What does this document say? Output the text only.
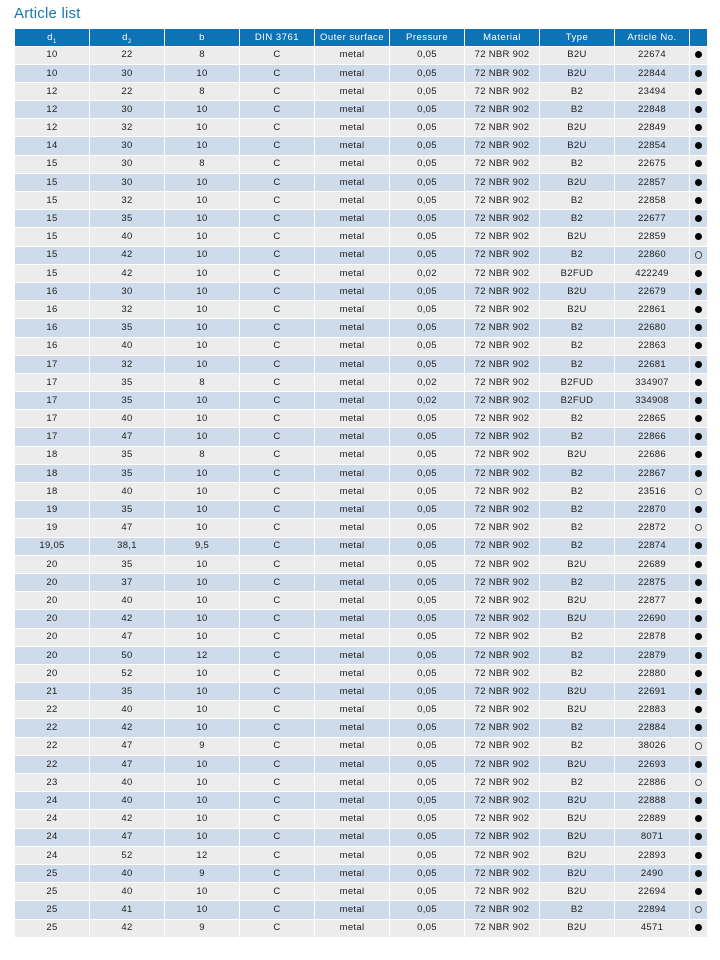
Article list
$d_1$	$d_2$	b	DIN 3761	Outer surface	Pressure	Material	Type	Article No.	
10	22	8	C	metal	0,05	72 NBR 902	B2U	22674	
10	30	10	C	metal	0,05	72 NBR 902	B2U	22844	
12	22	8	C	metal	0,05	72 NBR 902	B2	23494	
12	30	10	C	metal	0,05	72 NBR 902	B2	22848	
12	32	10	C	metal	0,05	72 NBR 902	B2U	22849	
14	30	10	C	metal	0,05	72 NBR 902	B2U	22854	
15	30	8	C	metal	0,05	72 NBR 902	B2	22675	
15	30	10	C	metal	0,05	72 NBR 902	B2U	22857	
15	32	10	C	metal	0,05	72 NBR 902	B2	22858	
15	35	10	C	metal	0,05	72 NBR 902	B2	22677	
15	40	10	C	metal	0,05	72 NBR 902	B2U	22859	
15	42	10	C	metal	0,05	72 NBR 902	B2	22860	
15	42	10	C	metal	0,02	72 NBR 902	B2FUD	422249	
16	30	10	C	metal	0,05	72 NBR 902	B2U	22679	
16	32	10	C	metal	0,05	72 NBR 902	B2U	22861	
16	35	10	C	metal	0,05	72 NBR 902	B2	22680	
16	40	10	C	metal	0,05	72 NBR 902	B2	22863	
17	32	10	C	metal	0,05	72 NBR 902	B2	22681	
17	35	8	C	metal	0,02	72 NBR 902	B2FUD	334907	
17	35	10	C	metal	0,02	72 NBR 902	B2FUD	334908	
17	40	10	C	metal	0,05	72 NBR 902	B2	22865	
17	47	10	C	metal	0,05	72 NBR 902	B2	22866	
18	35	8	C	metal	0,05	72 NBR 902	B2U	22686	
18	35	10	C	metal	0,05	72 NBR 902	B2	22867	
18	40	10	C	metal	0,05	72 NBR 902	B2	23516	
19	35	10	C	metal	0,05	72 NBR 902	B2	22870	
19	47	10	C	metal	0,05	72 NBR 902	B2	22872	
19,05	38,1	9,5	C	metal	0,05	72 NBR 902	B2	22874	
20	35	10	C	metal	0,05	72 NBR 902	B2U	22689	
20	37	10	C	metal	0,05	72 NBR 902	B2	22875	
20	40	10	C	metal	0,05	72 NBR 902	B2U	22877	
20	42	10	C	metal	0,05	72 NBR 902	B2U	22690	
20	47	10	C	metal	0,05	72 NBR 902	B2	22878	
20	50	12	C	metal	0,05	72 NBR 902	B2	22879	
20	52	10	C	metal	0,05	72 NBR 902	B2	22880	
21	35	10	C	metal	0,05	72 NBR 902	B2U	22691	
22	40	10	C	metal	0,05	72 NBR 902	B2U	22883	
22	42	10	C	metal	0,05	72 NBR 902	B2	22884	
22	47	9	C	metal	0,05	72 NBR 902	B2	38026	
22	47	10	C	metal	0,05	72 NBR 902	B2U	22693	
23	40	10	C	metal	0,05	72 NBR 902	B2	22886	
24	40	10	C	metal	0,05	72 NBR 902	B2U	22888	
24	42	10	C	metal	0,05	72 NBR 902	B2U	22889	
24	47	10	C	metal	0,05	72 NBR 902	B2U	8071	
24	52	12	C	metal	0,05	72 NBR 902	B2U	22893	
25	40	9	C	metal	0,05	72 NBR 902	B2U	2490	
25	40	10	C	metal	0,05	72 NBR 902	B2U	22694	
25	41	10	C	metal	0,05	72 NBR 902	B2	22894	
25	42	9	C	metal	0,05	72 NBR 902	B2U	4571	
